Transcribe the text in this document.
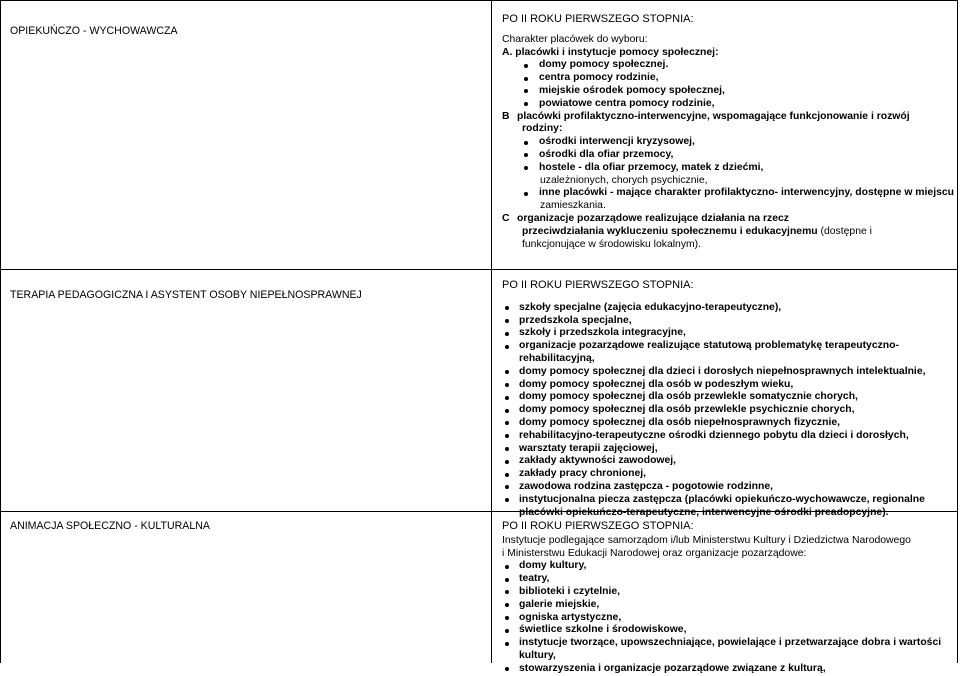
OPIEKUŃCZO - WYCHOWAWCZA
PO II ROKU PIERWSZEGO STOPNIA:
Charakter placówek do wyboru:
A. placówki i instytucje pomocy społecznej:
domy pomocy społecznej.
centra pomocy rodzinie,
miejskie ośrodek pomocy społecznej,
powiatowe centra pomocy rodzinie,
B placówki profilaktyczno-interwencyjne, wspomagające funkcjonowanie i rozwój
rodziny:
ośrodki interwencji kryzysowej,
ośrodki dla ofiar przemocy,
hostele - dla ofiar przemocy, matek z dziećmi,
uzależnionych, chorych psychicznie,
inne placówki - mające charakter profilaktyczno- interwencyjny, dostępne w miejscu
zamieszkania.
C organizacje pozarządowe realizujące działania na rzecz
przeciwdziałania wykluczeniu społecznemu i edukacyjnemu (dostępne i
funkcjonujące w środowisku lokalnym).
TERAPIA PEDAGOGICZNA I ASYSTENT OSOBY NIEPEŁNOSPRAWNEJ
PO II ROKU PIERWSZEGO STOPNIA:
szkoły specjalne (zajęcia edukacyjno-terapeutyczne),
przedszkola specjalne,
szkoły i przedszkola integracyjne,
organizacje pozarządowe realizujące statutową problematykę terapeutyczno- rehabilitacyjną,
domy pomocy społecznej dla dzieci i dorosłych niepełnosprawnych intelektualnie,
domy pomocy społecznej dla osób w podeszłym wieku,
domy pomocy społecznej dla osób przewlekle somatycznie chorych,
domy pomocy społecznej dla osób przewlekle psychicznie chorych,
domy pomocy społecznej dla osób niepełnosprawnych fizycznie,
rehabilitacyjno-terapeutyczne ośrodki dziennego pobytu dla dzieci i dorosłych,
warsztaty terapii zajęciowej,
zakłady aktywności zawodowej,
zakłady pracy chronionej,
zawodowa rodzina zastępcza - pogotowie rodzinne,
instytucjonalna piecza zastępcza (placówki opiekuńczo-wychowawcze, regionalne placówki opiekuńczo-terapeutyczne, interwencyjne ośrodki preadopcyjne).
ANIMACJA SPOŁECZNO - KULTURALNA	PO II ROKU PIERWSZEGO STOPNIA:
Instytucje podlegające samorządom i/lub Ministerstwu Kultury i Dziedzictwa Narodowego
i Ministerstwu Edukacji Narodowej oraz organizacje pozarządowe:
domy kultury,
teatry,
biblioteki i czytelnie,
galerie miejskie,
ogniska artystyczne,
świetlice szkolne i środowiskowe,
instytucje tworzące, upowszechniające, powielające i przetwarzające dobra i wartości kultury,
stowarzyszenia i organizacje pozarządowe związane z kulturą,
